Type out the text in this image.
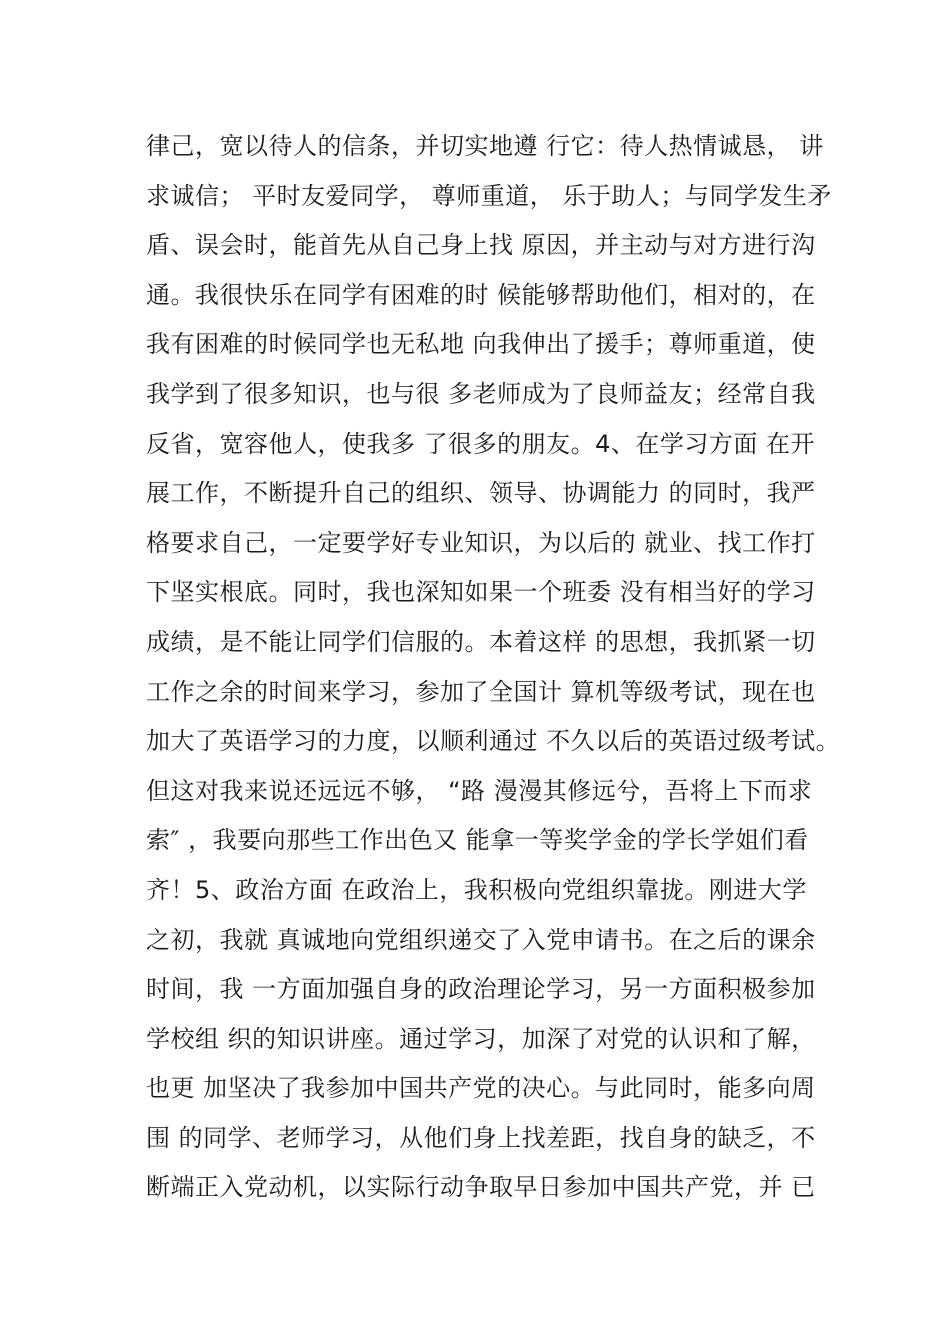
律己，宽以待人的信条，并切实地遵 行它：待人热情诚恳， 讲
求诚信； 平时友爱同学， 尊师重道， 乐于助人；与同学发生矛
盾、误会时，能首先从自己身上找 原因，并主动与对方进行沟
通。我很快乐在同学有困难的时 候能够帮助他们，相对的，在
我有困难的时候同学也无私地 向我伸出了援手；尊师重道，使
我学到了很多知识，也与很 多老师成为了良师益友；经常自我
反省，宽容他人，使我多 了很多的朋友。4、在学习方面 在开
展工作，不断提升自己的组织、领导、协调能力 的同时，我严
格要求自己，一定要学好专业知识，为以后的 就业、找工作打
下坚实根底。同时，我也深知如果一个班委 没有相当好的学习
成绩，是不能让同学们信服的。本着这样 的思想，我抓紧一切
工作之余的时间来学习，参加了全国计 算机等级考试，现在也
加大了英语学习的力度，以顺利通过 不久以后的英语过级考试。
但这对我来说还远远不够， “路 漫漫其修远兮，吾将上下而求
索″ ，我要向那些工作出色又 能拿一等奖学金的学长学姐们看
齐！5、政治方面 在政治上，我积极向党组织靠拢。刚进大学
之初，我就 真诚地向党组织递交了入党申请书。在之后的课余
时间，我 一方面加强自身的政治理论学习，另一方面积极参加
学校组 织的知识讲座。通过学习，加深了对党的认识和了解，
也更 加坚决了我参加中国共产党的决心。与此同时，能多向周
围 的同学、老师学习，从他们身上找差距，找自身的缺乏，不
断端正入党动机，以实际行动争取早日参加中国共产党，并 已
